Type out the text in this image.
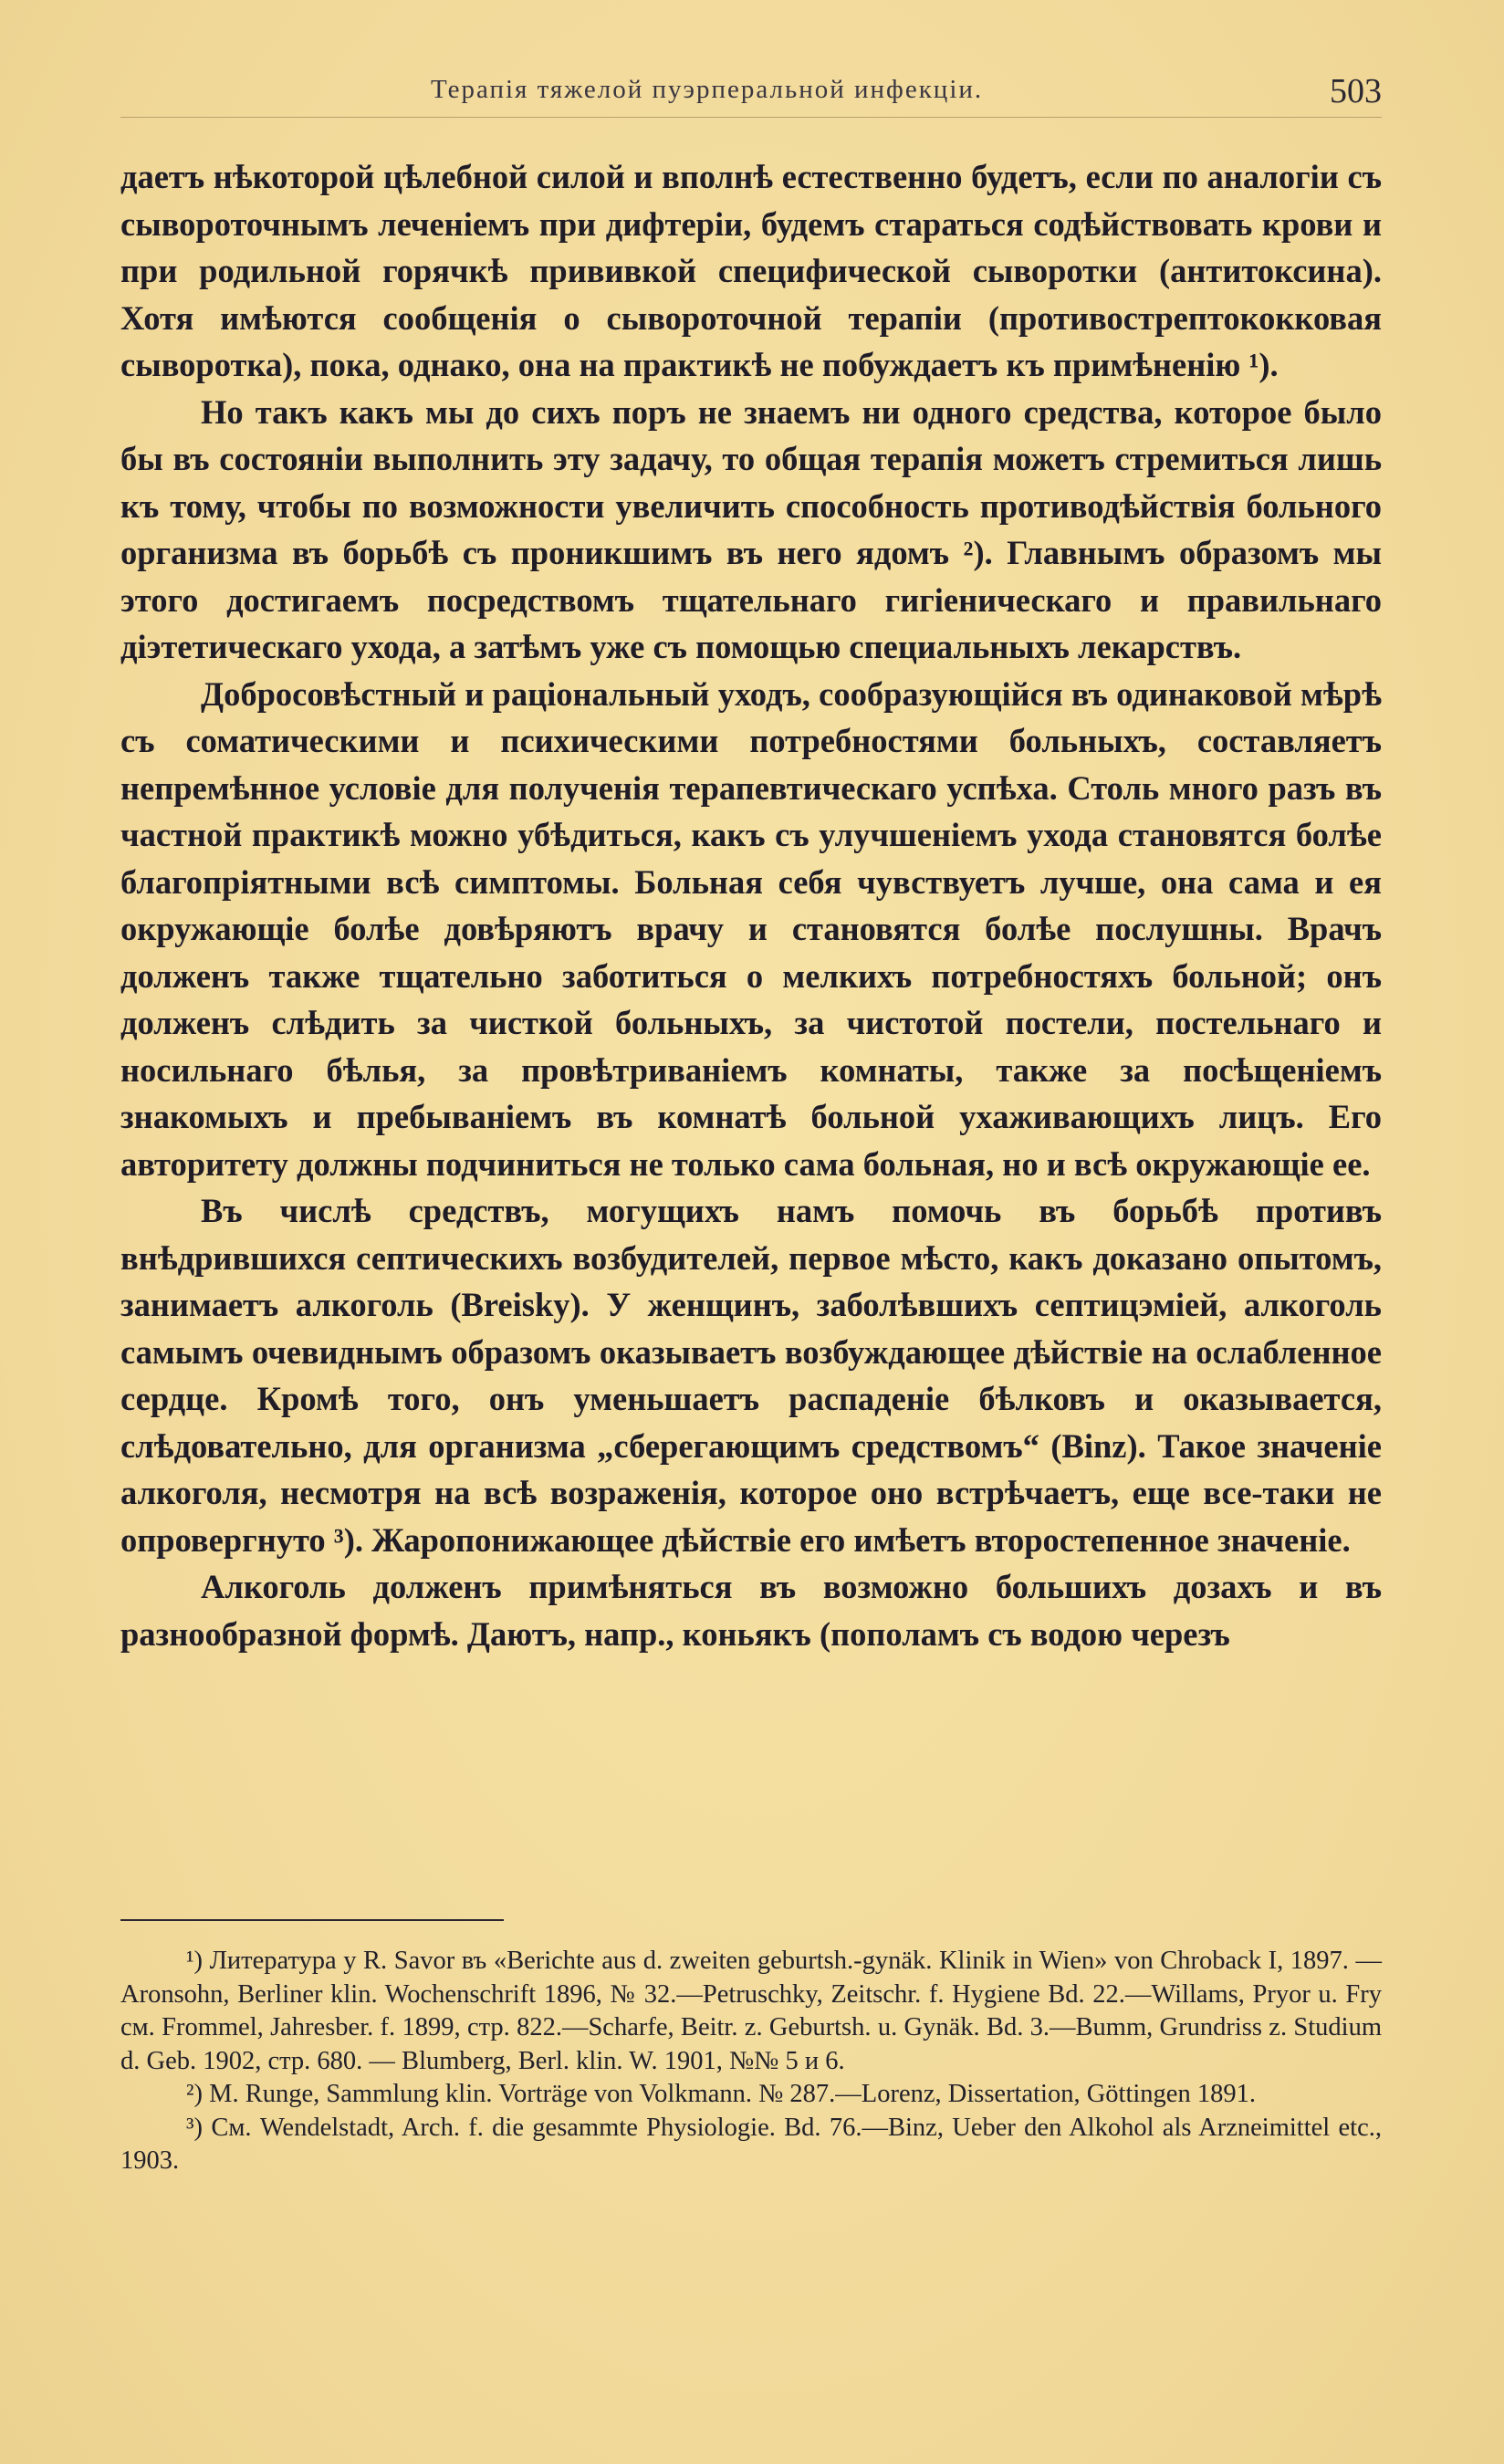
Терапія тяжелой пуэрперальной инфекціи.	503

даетъ нѣкоторой цѣлебной силой и вполнѣ естественно будетъ, если по аналогіи съ сывороточнымъ леченіемъ при дифтеріи, будемъ стараться содѣйствовать крови и при родильной горячкѣ прививкой специфической сыворотки (антитоксина). Хотя имѣются сообщенія о сывороточной терапіи (противострептококковая сыворотка), пока, однако, она на практикѣ не побуждаетъ къ примѣненію ¹).

Но такъ какъ мы до сихъ поръ не знаемъ ни одного средства, которое было бы въ состояніи выполнить эту задачу, то общая терапія можетъ стремиться лишь къ тому, чтобы по возможности увеличить способность противодѣйствія больного организма въ борьбѣ съ проникшимъ въ него ядомъ ²). Главнымъ образомъ мы этого достигаемъ посредствомъ тщательнаго гигіеническаго и правильнаго діэтетическаго ухода, а затѣмъ уже съ помощью специальныхъ лекарствъ.

Добросовѣстный и раціональный уходъ, сообразующійся въ одинаковой мѣрѣ съ соматическими и психическими потребностями больныхъ, составляетъ непремѣнное условіе для полученія терапевтическаго успѣха. Столь много разъ въ частной практикѣ можно убѣдиться, какъ съ улучшеніемъ ухода становятся болѣе благопріятными всѣ симптомы. Больная себя чувствуетъ лучше, она сама и ея окружающіе болѣе довѣряютъ врачу и становятся болѣе послушны. Врачъ долженъ также тщательно заботиться о мелкихъ потребностяхъ больной; онъ долженъ слѣдить за чисткой больныхъ, за чистотой постели, постельнаго и носильнаго бѣлья, за провѣтриваніемъ комнаты, также за посѣщеніемъ знакомыхъ и пребываніемъ въ комнатѣ больной ухаживающихъ лицъ. Его авторитету должны подчиниться не только сама больная, но и всѣ окружающіе ее.

Въ числѣ средствъ, могущихъ намъ помочь въ борьбѣ противъ внѣдрившихся септическихъ возбудителей, первое мѣсто, какъ доказано опытомъ, занимаетъ алкоголь (Breisky). У женщинъ, заболѣвшихъ септицэміей, алкоголь самымъ очевиднымъ образомъ оказываетъ возбуждающее дѣйствіе на ослабленное сердце. Кромѣ того, онъ уменьшаетъ распаденіе бѣлковъ и оказывается, слѣдовательно, для организма „сберегающимъ средствомъ“ (Binz). Такое значеніе алкоголя, несмотря на всѣ возраженія, которое оно встрѣчаетъ, еще все-таки не опровергнуто ³). Жаропонижающее дѣйствіе его имѣетъ второстепенное значеніе.

Алкоголь долженъ примѣняться въ возможно большихъ дозахъ и въ разнообразной формѣ. Даютъ, напр., коньякъ (пополамъ съ водою черезъ

¹) Литература у R. Savor въ «Berichte aus d. zweiten geburtsh.-gynäk. Klinik in Wien» von Chroback I, 1897. — Aronsohn, Berliner klin. Wochenschrift 1896, № 32.—Petruschky, Zeitschr. f. Hygiene Bd. 22.—Willams, Pryor u. Fry см. Frommel, Jahresber. f. 1899, стр. 822.—Scharfe, Beitr. z. Geburtsh. u. Gynäk. Bd. 3.—Bumm, Grundriss z. Studium d. Geb. 1902, стр. 680. — Blumberg, Berl. klin. W. 1901, №№ 5 и 6.

²) M. Runge, Sammlung klin. Vorträge von Volkmann. № 287.—Lorenz, Dissertation, Göttingen 1891.

³) См. Wendelstadt, Arch. f. die gesammte Physiologie. Bd. 76.—Binz, Ueber den Alkohol als Arzneimittel etc., 1903.
